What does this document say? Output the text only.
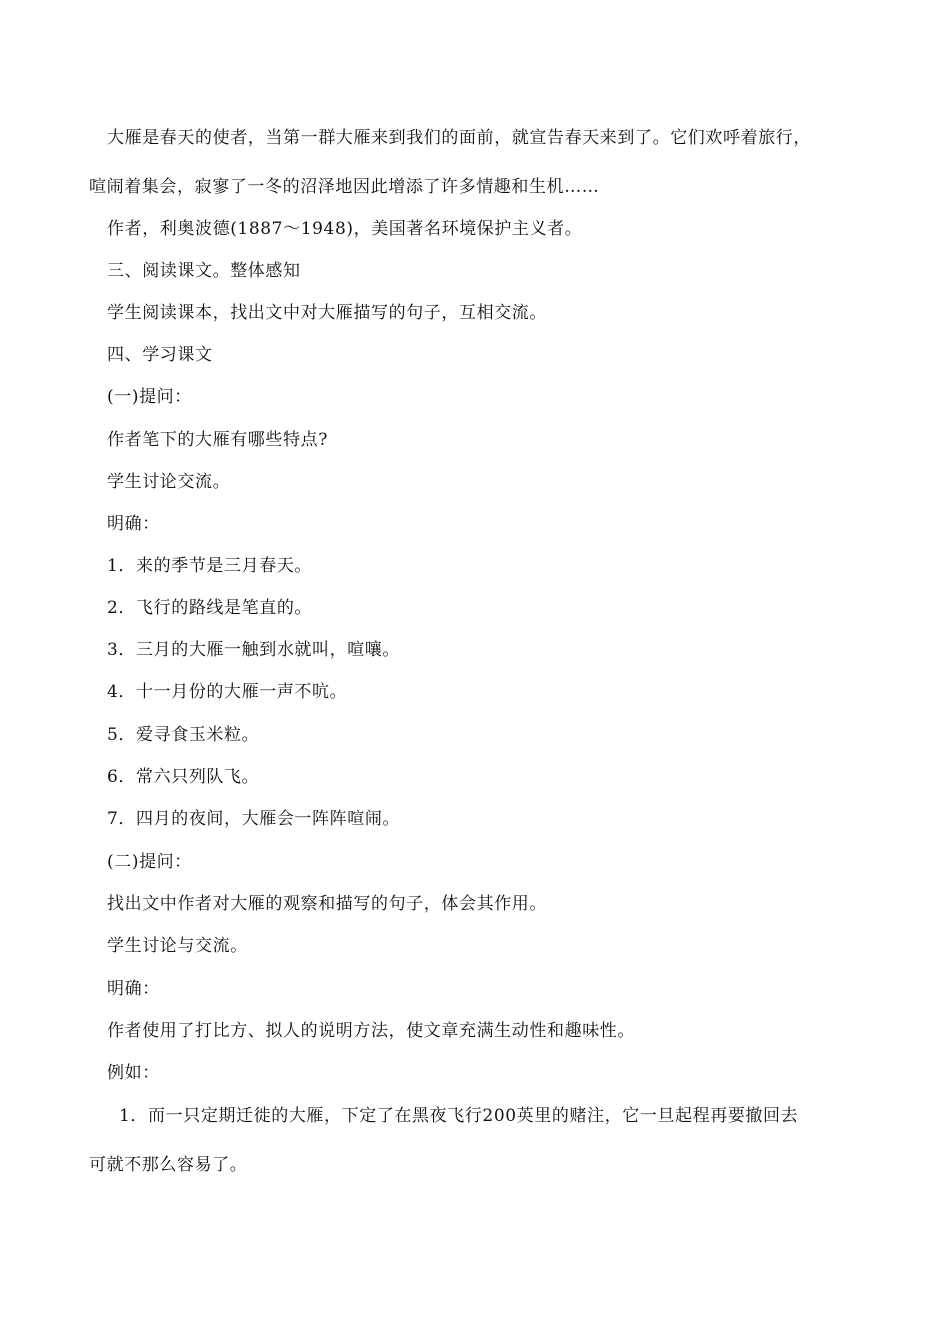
大雁是春天的使者，当第一群大雁来到我们的面前，就宣告春天来到了。它们欢呼着旅行，
喧闹着集会，寂寥了一冬的沼泽地因此增添了许多情趣和生机……
作者，利奥波德(1887～1948)，美国著名环境保护主义者。
三、阅读课文。整体感知
学生阅读课本，找出文中对大雁描写的句子，互相交流。
四、学习课文
(一)提问：
作者笔下的大雁有哪些特点?
学生讨论交流。
明确：
1．来的季节是三月春天。
2．飞行的路线是笔直的。
3．三月的大雁一触到水就叫，喧嚷。
4．十一月份的大雁一声不吭。
5．爱寻食玉米粒。
6．常六只列队飞。
7．四月的夜间，大雁会一阵阵喧闹。
(二)提问：
找出文中作者对大雁的观察和描写的句子，体会其作用。
学生讨论与交流。
明确：
作者使用了打比方、拟人的说明方法，使文章充满生动性和趣味性。
例如：
1．而一只定期迁徙的大雁，下定了在黑夜飞行200英里的赌注，它一旦起程再要撤回去
可就不那么容易了。
